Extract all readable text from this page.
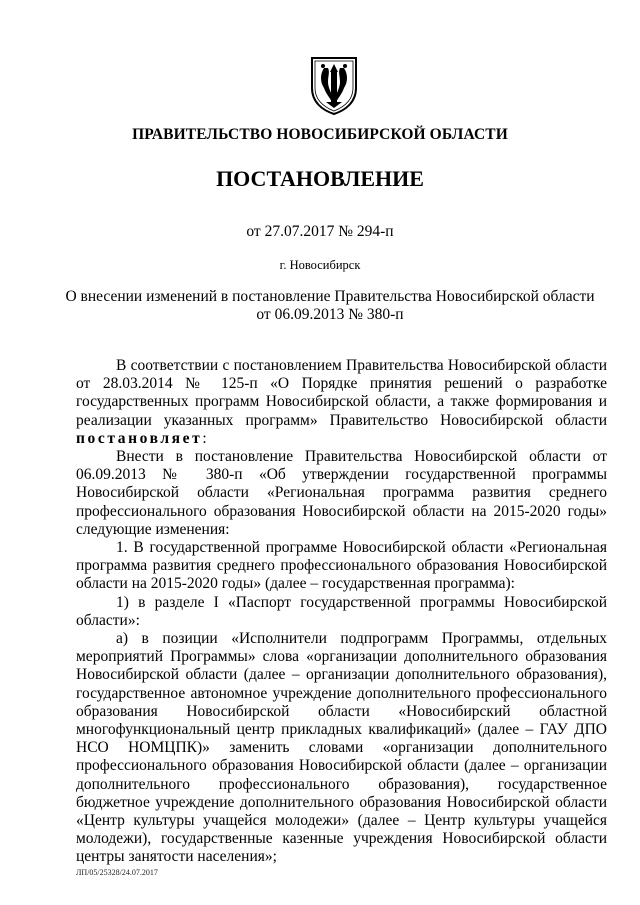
ПРАВИТЕЛЬСТВО НОВОСИБИРСКОЙ ОБЛАСТИ
ПОСТАНОВЛЕНИЕ
от 27.07.2017 № 294-п
г. Новосибирск
О внесении изменений в постановление Правительства Новосибирской области
от 06.09.2013 № 380-п

В соответствии с постановлением Правительства Новосибирской области от 28.03.2014 № 125-п «О Порядке принятия решений о разработке государственных программ Новосибирской области, а также формирования и реализации указанных программ» Правительство Новосибирской области постановляет:

Внести в постановление Правительства Новосибирской области от 06.09.2013 № 380-п «Об утверждении государственной программы Новосибирской области «Региональная программа развития среднего профессионального образования Новосибирской области на 2015-2020 годы» следующие изменения:

1. В государственной программе Новосибирской области «Региональная программа развития среднего профессионального образования Новосибирской области на 2015-2020 годы» (далее – государственная программа):

1) в разделе I «Паспорт государственной программы Новосибирской области»:

а) в позиции «Исполнители подпрограмм Программы, отдельных мероприятий Программы» слова «организации дополнительного образования Новосибирской области (далее – организации дополнительного образования), государственное автономное учреждение дополнительного профессионального образования Новосибирской области «Новосибирский областной многофункциональный центр прикладных квалификаций» (далее – ГАУ ДПО НСО НОМЦПК)» заменить словами «организации дополнительного профессионального образования Новосибирской области (далее – организации дополнительного профессионального образования), государственное бюджетное учреждение дополнительного образования Новосибирской области «Центр культуры учащейся молодежи» (далее – Центр культуры учащейся молодежи), государственные казенные учреждения Новосибирской области центры занятости населения»;

ЛП/05/25328/24.07.2017
